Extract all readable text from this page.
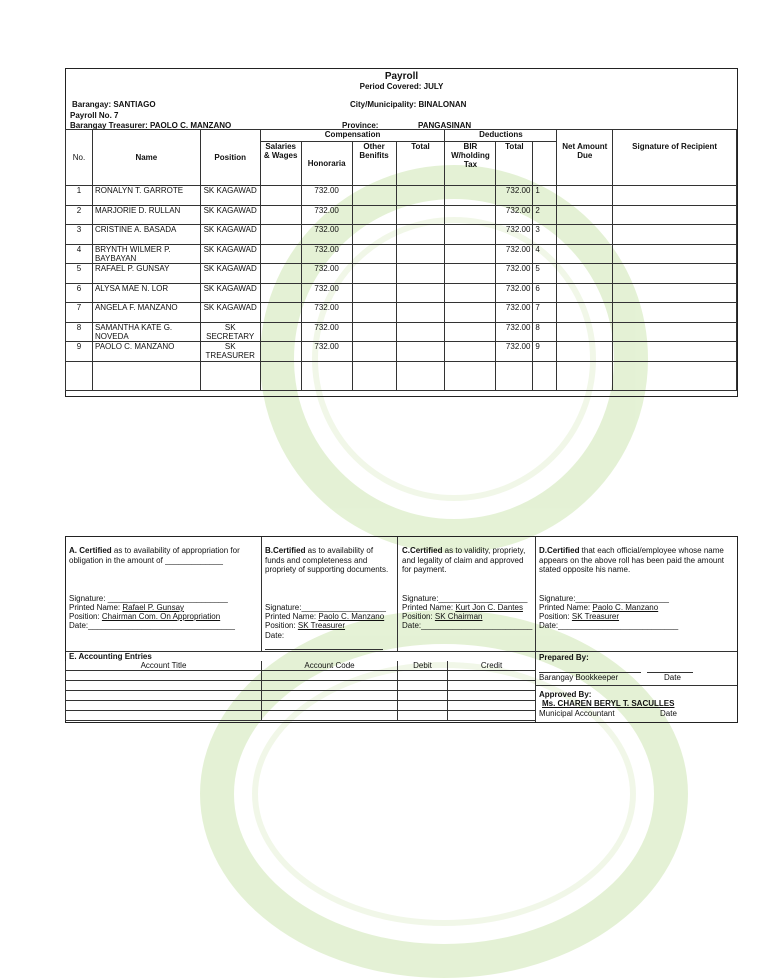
Payroll
Period Covered: JULY
Barangay: SANTIAGO	City/Municipality: BINALONAN
Payroll No. 7
Barangay Treasurer: PAOLO C. MANZANO	Province:	PANGASINAN
No.	Name	Position	Compensation				Deductions				
			Salaries & Wages	Honoraria	Other Benifits	Total	BIR W/holding Tax	Total		Net Amount Due	Signature of Recipient
1	RONALYN T. GARROTE	SK KAGAWAD		732.00				732.00	1		
2	MARJORIE D. RULLAN	SK KAGAWAD		732.00				732.00	2		
3	CRISTINE A. BASADA	SK KAGAWAD		732.00				732.00	3		
4	BRYNTH WILMER P. BAYBAYAN	SK KAGAWAD		732.00				732.00	4		
5	RAFAEL P. GUNSAY	SK KAGAWAD		732.00				732.00	5		
6	ALYSA MAE N. LOR	SK KAGAWAD		732.00				732.00	6		
7	ANGELA F. MANZANO	SK KAGAWAD		732.00				732.00	7		
8	SAMANTHA KATE G. NOVEDA	SK SECRETARY		732.00				732.00	8		
9	PAOLO C. MANZANO	SK TREASURER		732.00				732.00	9		

A. Certified as to availability of appropriation for obligation in the amount of _____________
Signature: ___________________________
Printed Name: Rafael P. Gunsay
Position: Chairman Com. On Appropriation
Date:_________________________________
B.Certified as to availability of funds and completeness and propriety of supporting documents.
Signature:___________________
Printed Name: Paolo C. Manzano
Position: SK Treasurer
Date:
C.Certified as to validity, propriety, and legality of claim and approved for payment.
Signature:____________________
Printed Name: Kurt Jon C. Dantes
Position: SK Chairman
Date:_________________________
D.Certified that each official/employee whose name appears on the above roll has been paid the amount stated opposite his name.
Signature:_____________________
Printed Name: Paolo C. Manzano
Position: SK Treasurer
Date:___________________________
E. Accounting Entries
Account Title	Account Code	Debit	Credit

Prepared By:
Barangay Bookkeeper	Date
Approved By:
Ms. CHAREN BERYL T. SACULLES
Municipal Accountant	Date
